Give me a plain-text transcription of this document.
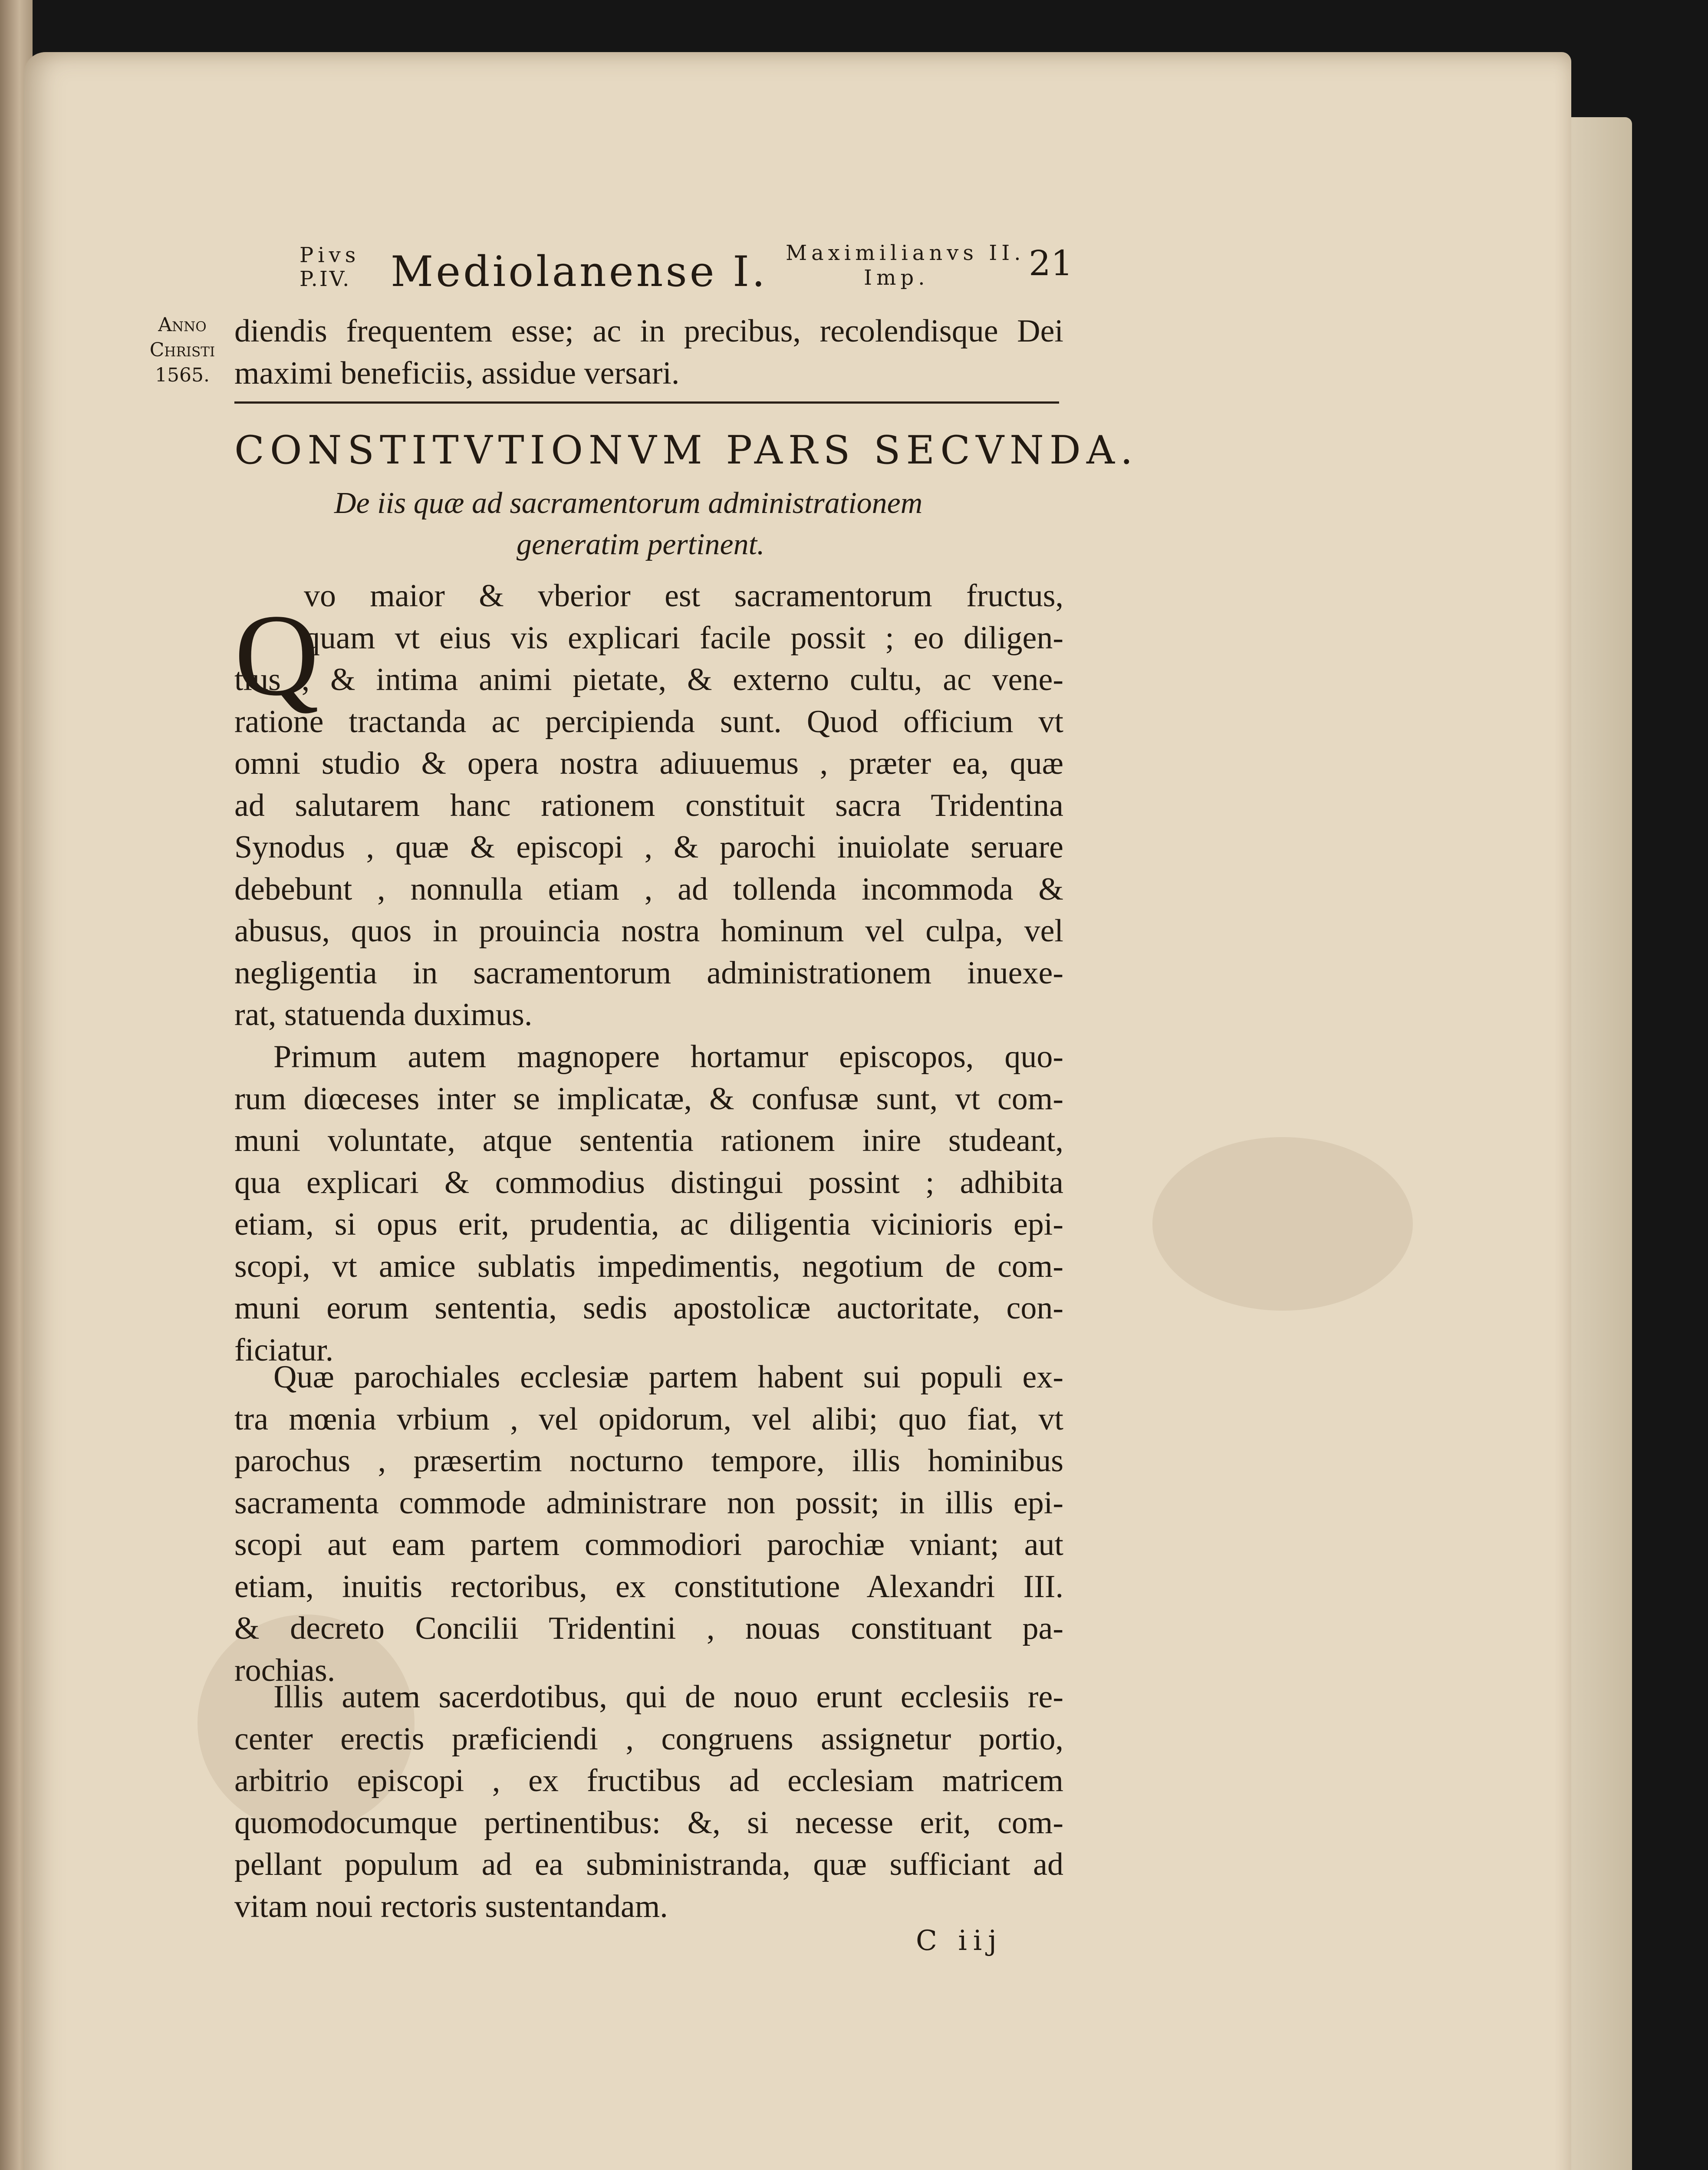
Pivs
P.IV. Mediolanense I. Maximilianvs II.
Imp.	21
Anno
Christi
1565.
diendis frequentem esse; ac in precibus, recolendisque Dei
maximi beneficiis, assidue versari.
CONSTITVTIONVM PARS SECVNDA.
De iis quæ ad sacramentorum administrationem
generatim pertinent.
Q
vo maior & vberior est sacramentorum fructus,
quam vt eius vis explicari facile possit ; eo diligen-
tius , & intima animi pietate, & externo cultu, ac vene-
ratione tractanda ac percipienda sunt. Quod officium vt
omni studio & opera nostra adiuuemus , præter ea, quæ
ad salutarem hanc rationem constituit sacra Tridentina
Synodus , quæ & episcopi , & parochi inuiolate seruare
debebunt , nonnulla etiam , ad tollenda incommoda &
abusus, quos in prouincia nostra hominum vel culpa, vel
negligentia in sacramentorum administrationem inuexe-
rat, statuenda duximus.
Primum autem magnopere hortamur episcopos, quo-
rum diœceses inter se implicatæ, & confusæ sunt, vt com-
muni voluntate, atque sententia rationem inire studeant,
qua explicari & commodius distingui possint ; adhibita
etiam, si opus erit, prudentia, ac diligentia vicinioris epi-
scopi, vt amice sublatis impedimentis, negotium de com-
muni eorum sententia, sedis apostolicæ auctoritate, con-
ficiatur.
Quæ parochiales ecclesiæ partem habent sui populi ex-
tra mœnia vrbium , vel opidorum, vel alibi; quo fiat, vt
parochus , præsertim nocturno tempore, illis hominibus
sacramenta commode administrare non possit; in illis epi-
scopi aut eam partem commodiori parochiæ vniant; aut
etiam, inuitis rectoribus, ex constitutione Alexandri III.
& decreto Concilii Tridentini , nouas constituant pa-
rochias.
Illis autem sacerdotibus, qui de nouo erunt ecclesiis re-
center erectis præficiendi , congruens assignetur portio,
arbitrio episcopi , ex fructibus ad ecclesiam matricem
quomodocumque pertinentibus: &, si necesse erit, com-
pellant populum ad ea subministranda, quæ sufficiant ad
vitam noui rectoris sustentandam.
C iij
